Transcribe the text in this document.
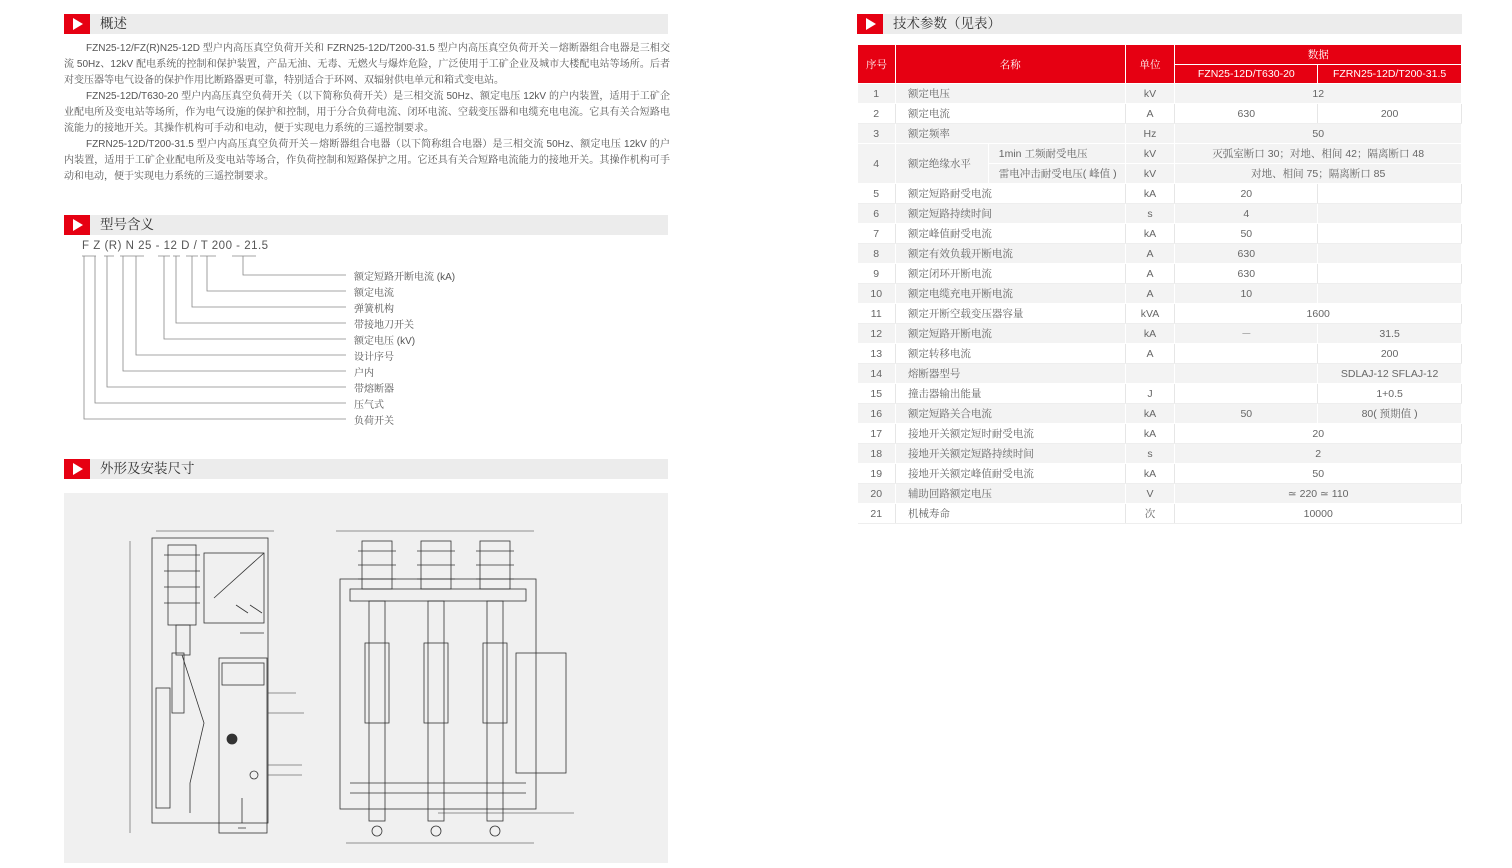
概述

FZN25-12/FZ(R)N25-12D 型户内高压真空负荷开关和 FZRN25-12D/T200-31.5 型户内高压真空负荷开关－熔断器组合电器是三相交流 50Hz、12kV 配电系统的控制和保护装置，产品无油、无毒、无燃火与爆炸危险，广泛使用于工矿企业及城市大楼配电站等场所。后者对变压器等电气设备的保护作用比断路器更可靠，特别适合于环网、双辐射供电单元和箱式变电站。

FZN25-12D/T630-20 型户内高压真空负荷开关（以下简称负荷开关）是三相交流 50Hz、额定电压 12kV 的户内装置，适用于工矿企业配电所及变电站等场所，作为电气设施的保护和控制，用于分合负荷电流、闭环电流、空载变压器和电缆充电电流。它具有关合短路电流能力的接地开关。其操作机构可手动和电动，便于实现电力系统的三遥控制要求。

FZRN25-12D/T200-31.5 型户内高压真空负荷开关－熔断器组合电器（以下简称组合电器）是三相交流 50Hz、额定电压 12kV 的户内装置，适用于工矿企业配电所及变电站等场合，作负荷控制和短路保护之用。它还具有关合短路电流能力的接地开关。其操作机构可手动和电动，便于实现电力系统的三遥控制要求。

型号含义
F Z (R) N 25 - 12 D / T 200 - 21.5
额定短路开断电流 (kA)
额定电流
弹簧机构
带接地刀开关
额定电压 (kV)
设计序号
户内
带熔断器
压气式
负荷开关
外形及安装尺寸
技术参数（见表）
序号	名称		单位	数据	
				FZN25-12D/T630-20	FZRN25-12D/T200-31.5
1	额定电压		kV	12	
2	额定电流		A	630	200
3	额定频率		Hz	50	
4	额定绝缘水平	1min 工频耐受电压	kV	灭弧室断口 30；对地、相间 42；隔离断口 48	
		雷电冲击耐受电压( 峰值 )	kV	对地、相间 75；隔离断口 85	
5	额定短路耐受电流		kA	20	
6	额定短路持续时间		s	4	
7	额定峰值耐受电流		kA	50	
8	额定有效负载开断电流		A	630	
9	额定闭环开断电流		A	630	
10	额定电缆充电开断电流		A	10	
11	额定开断空载变压器容量		kVA	1600	
12	额定短路开断电流		kA	－	31.5
13	额定转移电流		A		200
14	熔断器型号				SDLAJ-12 SFLAJ-12
15	撞击器输出能量		J		1+0.5
16	额定短路关合电流		kA	50	80( 预期值 )
17	接地开关额定短时耐受电流		kA	20	
18	接地开关额定短路持续时间		s	2	
19	接地开关额定峰值耐受电流		kA	50	
20	辅助回路额定电压		V	≃ 220 ≃ 110	
21	机械寿命		次	10000	
